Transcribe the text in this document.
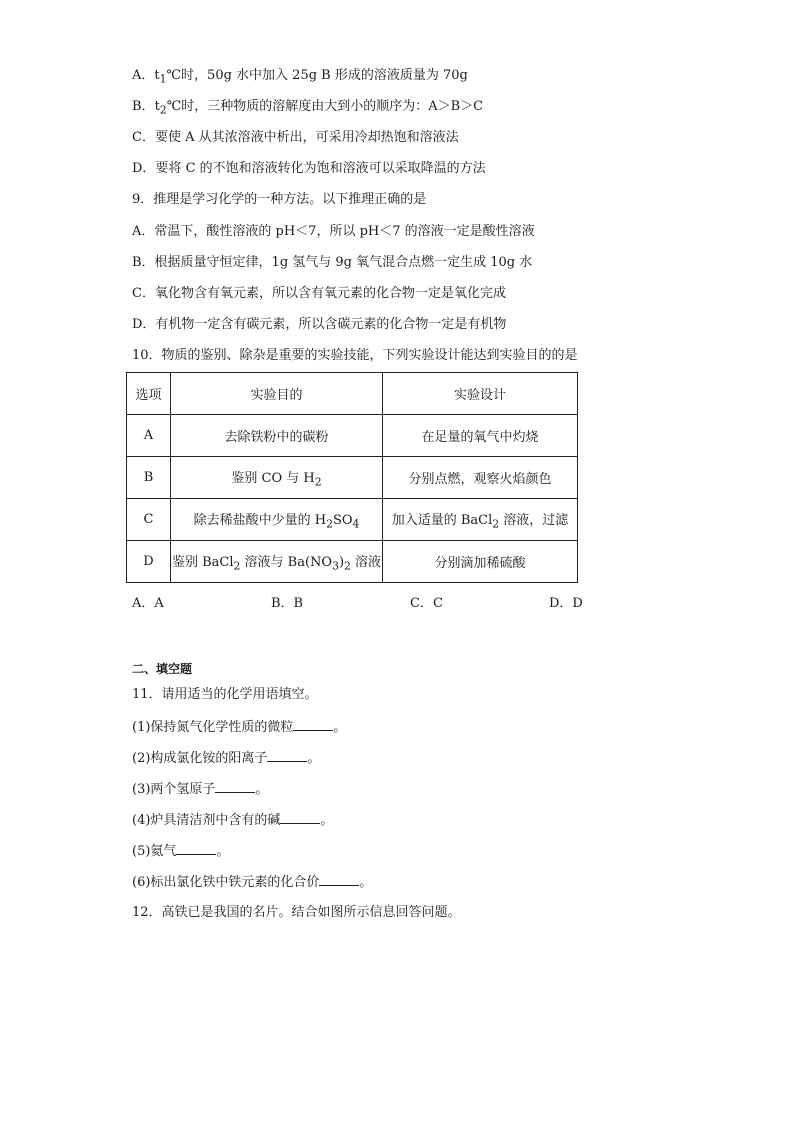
A．$t_1℃$时，50g 水中加入 25g B 形成的溶液质量为 70g
B．$t_2℃$时，三种物质的溶解度由大到小的顺序为：A＞B＞C
C．要使 A 从其浓溶液中析出，可采用冷却热饱和溶液法
D．要将 C 的不饱和溶液转化为饱和溶液可以采取降温的方法
9．推理是学习化学的一种方法。以下推理正确的是
A．常温下，酸性溶液的 pH＜7，所以 pH＜7 的溶液一定是酸性溶液
B．根据质量守恒定律，1g 氢气与 9g 氧气混合点燃一定生成 10g 水
C．氧化物含有氧元素，所以含有氧元素的化合物一定是氧化完成
D．有机物一定含有碳元素，所以含碳元素的化合物一定是有机物
10．物质的鉴别、除杂是重要的实验技能，下列实验设计能达到实验目的的是
选项	实验目的	实验设计
A	去除铁粉中的碳粉	在足量的氧气中灼烧
B	鉴别 CO 与 $H_2$	分别点燃，观察火焰颜色
C	除去稀盐酸中少量的 $H_2SO_4$	加入适量的 BaCl$_2$ 溶液，过滤
D	鉴别 BaCl$_2$ 溶液与 $Ba(NO_3)_2$ 溶液	分别滴加稀硫酸
A．A	B．B	C．C	D．D
二、填空题
11．请用适当的化学用语填空。
(1)保持氮气化学性质的微粒	。
(2)构成氯化铵的阳离子	。
(3)两个氢原子	。
(4)炉具清洁剂中含有的碱	。
(5)氦气	。
(6)标出氯化铁中铁元素的化合价	。
12．高铁已是我国的名片。结合如图所示信息回答问题。
